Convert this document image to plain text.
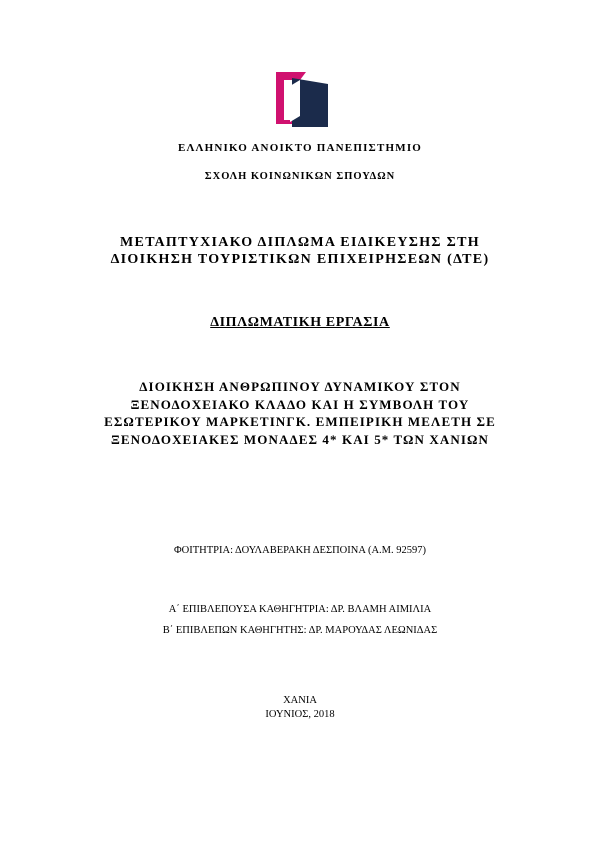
ΕΛΛΗΝΙΚΟ ΑΝΟΙΚΤΟ ΠΑΝΕΠΙΣΤΗΜΙΟ

ΣΧΟΛΗ ΚΟΙΝΩΝΙΚΩΝ ΣΠΟΥΔΩΝ

ΜΕΤΑΠΤΥΧΙΑΚΟ ΔΙΠΛΩΜΑ ΕΙΔΙΚΕΥΣΗΣ ΣΤΗ
ΔΙΟΙΚΗΣΗ ΤΟΥΡΙΣΤΙΚΩΝ ΕΠΙΧΕΙΡΗΣΕΩΝ (ΔΤΕ)

ΔΙΠΛΩΜΑΤΙΚΗ ΕΡΓΑΣΙΑ

ΔΙΟΙΚΗΣΗ ΑΝΘΡΩΠΙΝΟΥ ΔΥΝΑΜΙΚΟΥ ΣΤΟΝ ΞΕΝΟΔΟΧΕΙΑΚΟ ΚΛΑΔΟ ΚΑΙ Η ΣΥΜΒΟΛΗ ΤΟΥ ΕΣΩΤΕΡΙΚΟΥ ΜΑΡΚΕΤΙΝΓΚ. ΕΜΠΕΙΡΙΚΗ ΜΕΛΕΤΗ ΣΕ ΞΕΝΟΔΟΧΕΙΑΚΕΣ ΜΟΝΑΔΕΣ 4* ΚΑΙ 5* ΤΩΝ ΧΑΝΙΩΝ

ΦΟΙΤΗΤΡΙΑ: ΔΟΥΛΑΒΕΡΑΚΗ ΔΕΣΠΟΙΝΑ (Α.Μ. 92597)

Α΄ ΕΠΙΒΛΕΠΟΥΣΑ ΚΑΘΗΓΗΤΡΙΑ: ΔΡ. ΒΛΑΜΗ ΑΙΜΙΛΙΑ

Β΄ ΕΠΙΒΛΕΠΩΝ ΚΑΘΗΓΗΤΗΣ: ΔΡ. ΜΑΡΟΥΔΑΣ ΛΕΩΝΙΔΑΣ

ΧΑΝΙΑ

ΙΟΥΝΙΟΣ, 2018
